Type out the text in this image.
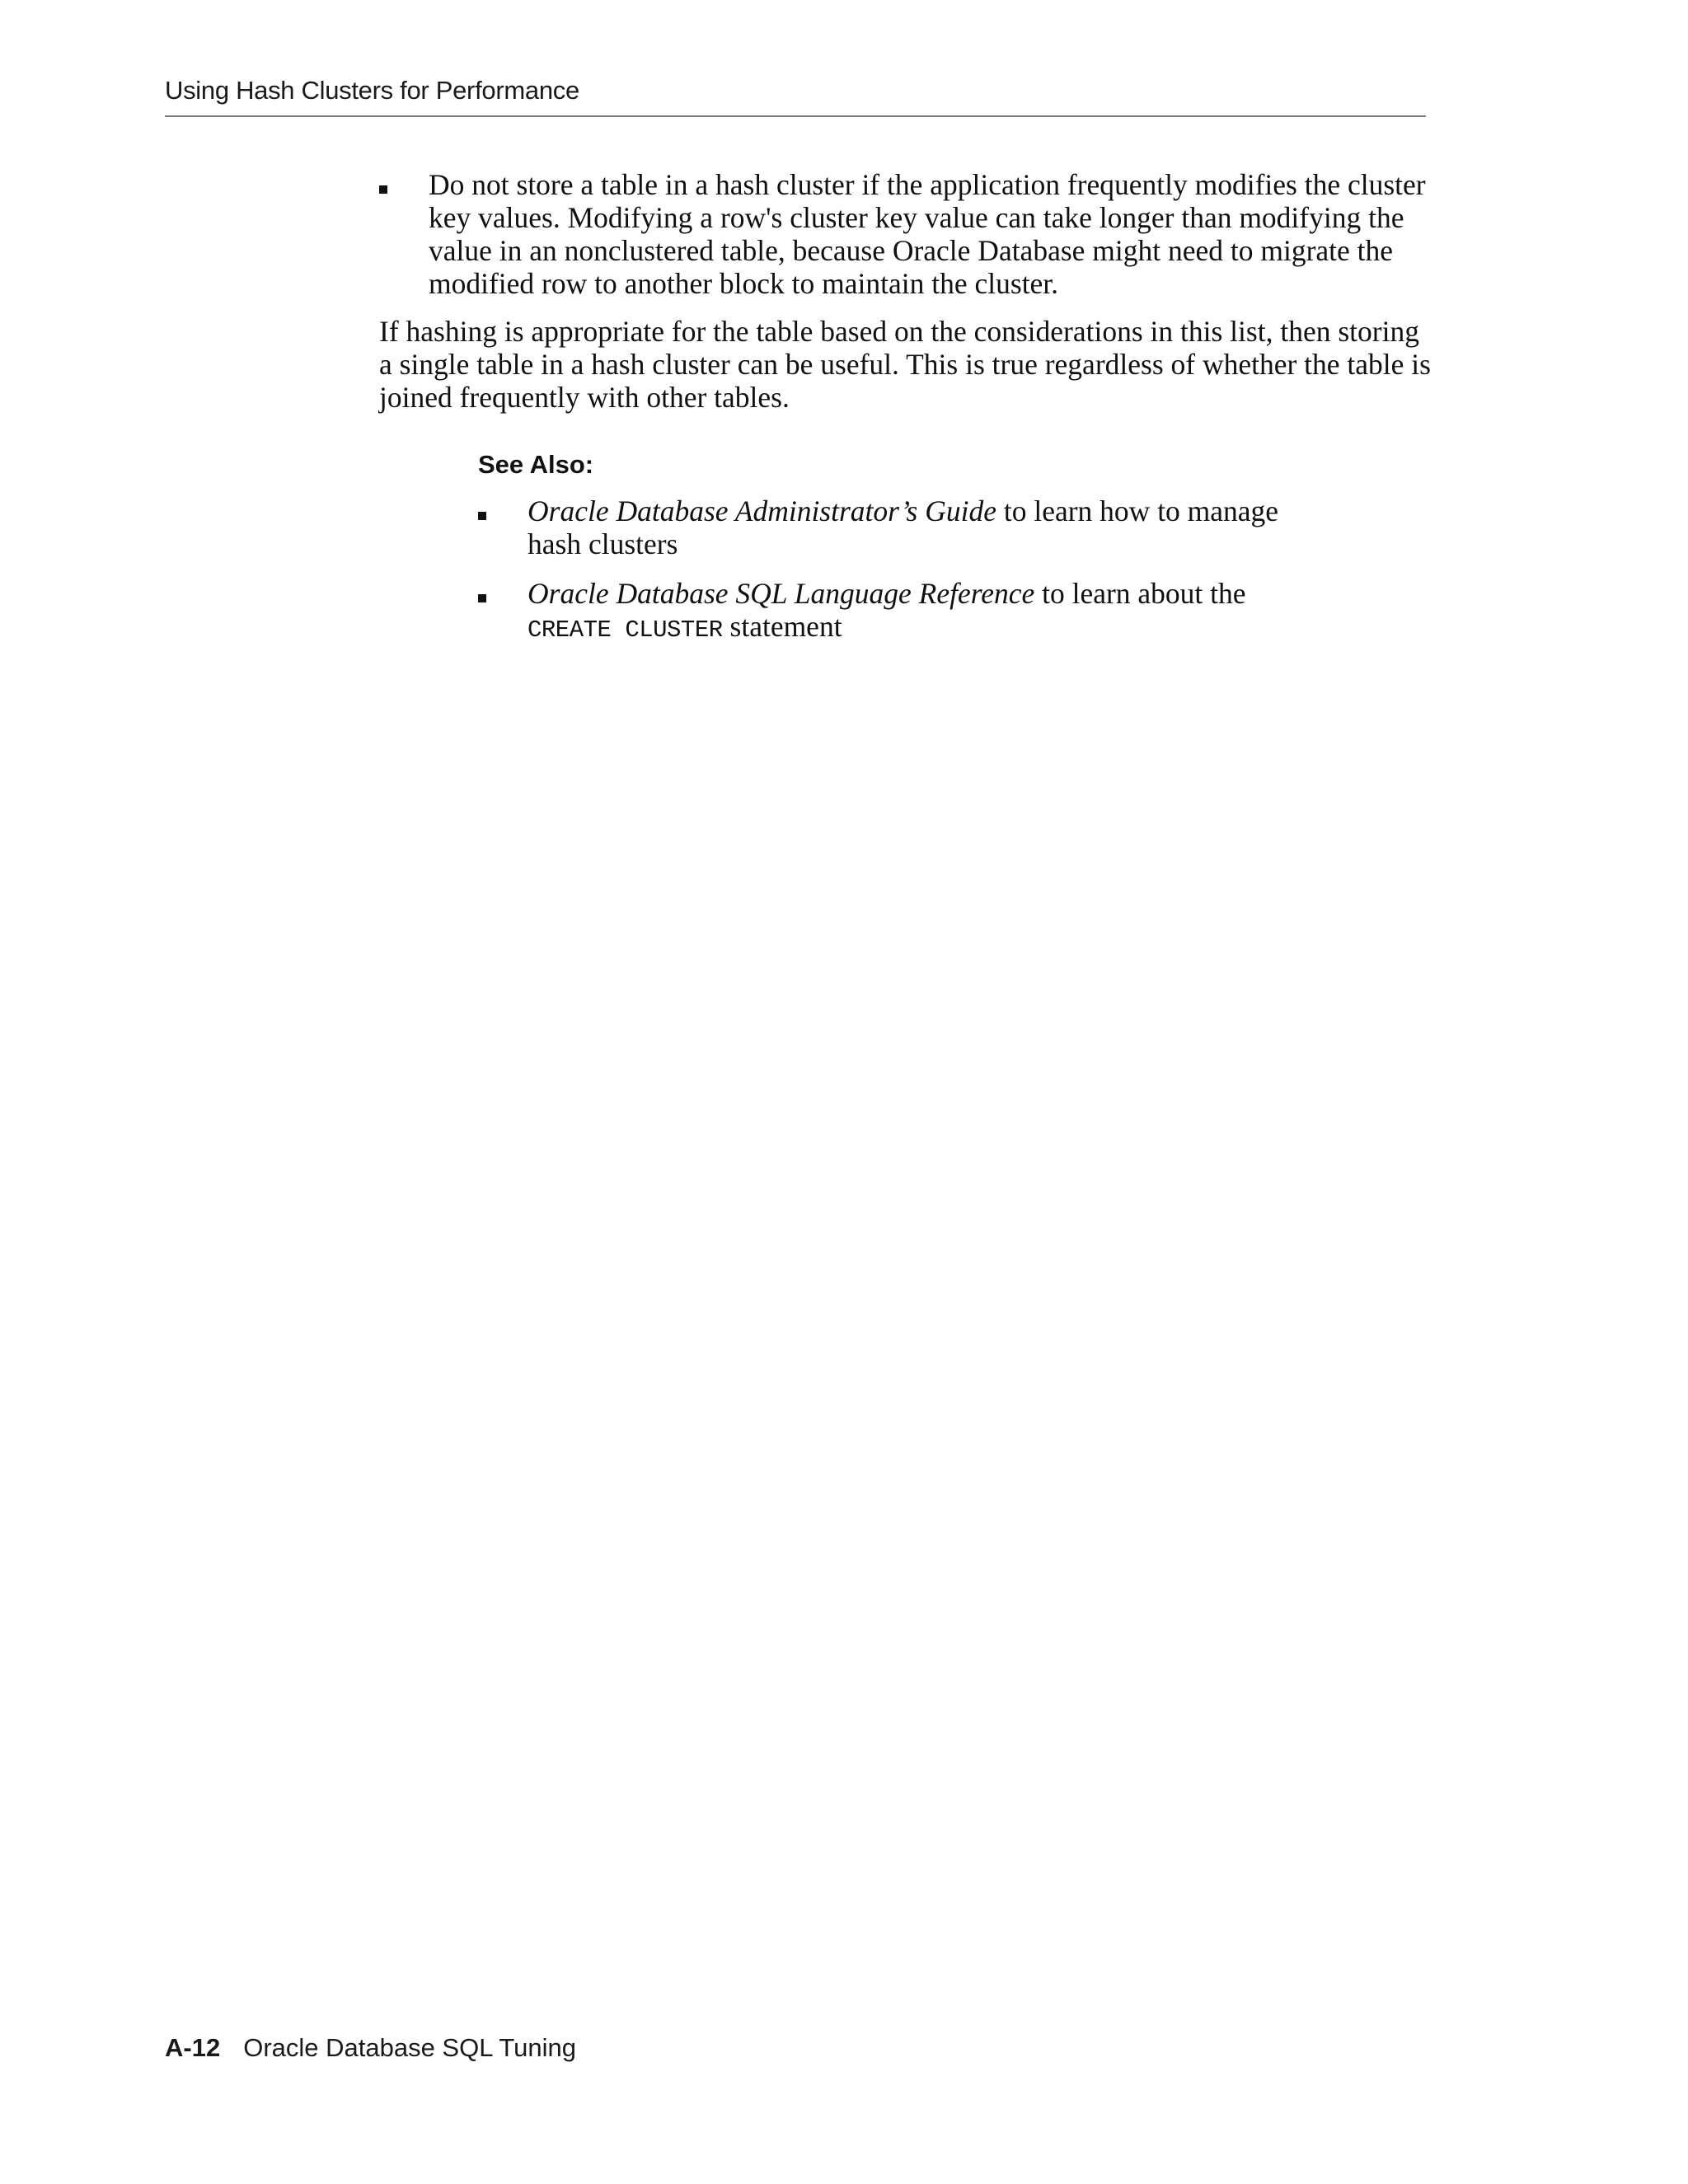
Using Hash Clusters for Performance
Do not store a table in a hash cluster if the application frequently modifies the cluster key values. Modifying a row's cluster key value can take longer than modifying the value in an nonclustered table, because Oracle Database might need to migrate the modified row to another block to maintain the cluster.

If hashing is appropriate for the table based on the considerations in this list, then storing a single table in a hash cluster can be useful. This is true regardless of whether the table is joined frequently with other tables.

See Also:
Oracle Database Administrator’s Guide to learn how to manage hash clusters
Oracle Database SQL Language Reference to learn about the
CREATE CLUSTER statement
A-12 Oracle Database SQL Tuning
